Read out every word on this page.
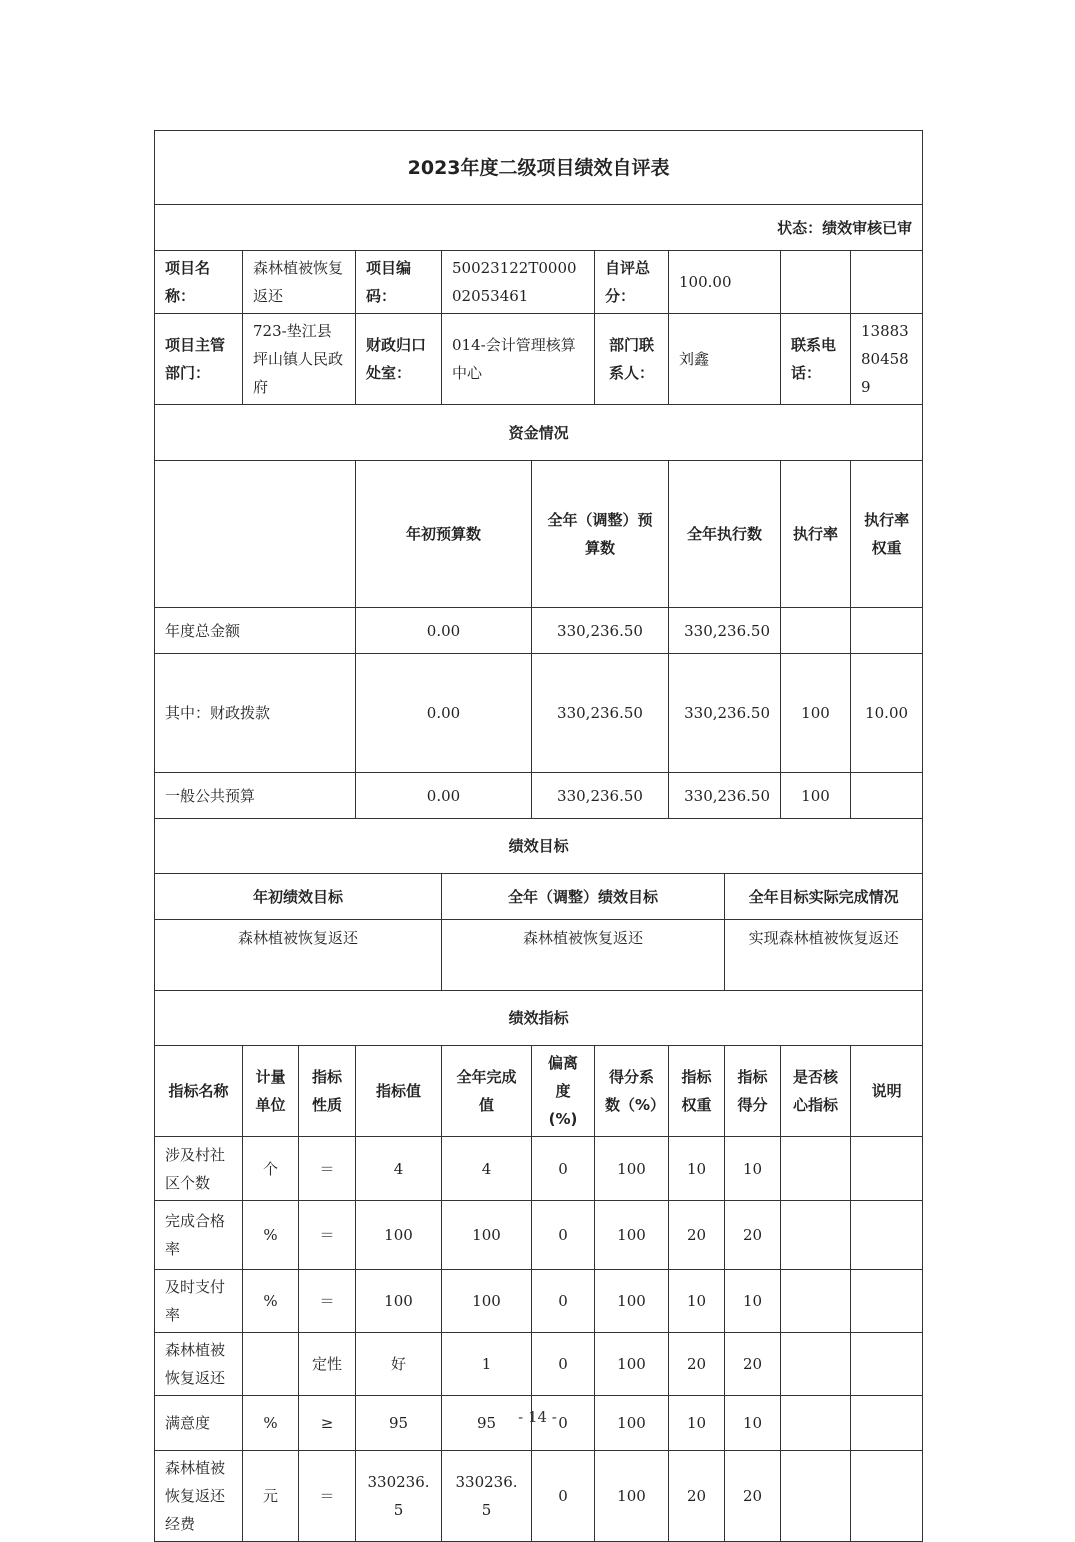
2023年度二级项目绩效自评表											
状态：绩效审核已审											
项目名称：	森林植被恢复返还		项目编码：	50023122T000002053461		自评总分：	100.00				
项目主管部门：	723-垫江县坪山镇人民政府		财政归口处室：	014-会计管理核算中心		部门联系人：	刘鑫		联系电话：	13883804589	
资金情况											
			年初预算数		全年（调整）预算数		全年执行数		执行率	执行率权重	
年度总金额			0.00		330,236.50		330,236.50				
其中：财政拨款			0.00		330,236.50		330,236.50		100	10.00	
一般公共预算			0.00		330,236.50		330,236.50		100		
绩效目标											
年初绩效目标				全年（调整）绩效目标				全年目标实际完成情况			
森林植被恢复返还				森林植被恢复返还				实现森林植被恢复返还			
绩效指标											
指标名称	计量单位	指标性质	指标值	全年完成值	偏离度(%)	得分系数（%）	指标权重	指标得分	是否核心指标	说明	
涉及村社区个数	个	＝	4	4	0	100	10	10			
完成合格率	%	＝	100	100	0	100	20	20			
及时支付率	%	＝	100	100	0	100	10	10			
森林植被恢复返还		定性	好	1	0	100	20	20			
满意度	%	≥	95	95	0	100	10	10			
森林植被恢复返还经费	元	＝	330236.5	330236.5	0	100	20	20			
- 14 -
